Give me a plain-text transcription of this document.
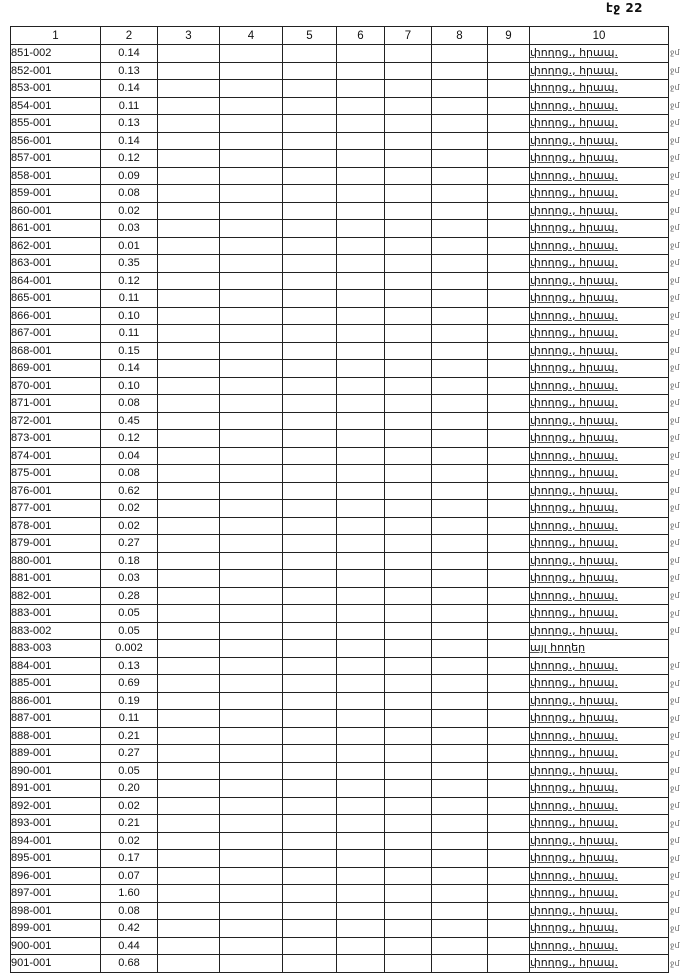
էջ 22
1	2	3	4	5	6	7	8	9	10
851-002	0.14								փողոց., հրապ.
852-001	0.13								փողոց., հրապ.
853-001	0.14								փողոց., հրապ.
854-001	0.11								փողոց., հրապ.
855-001	0.13								փողոց., հրապ.
856-001	0.14								փողոց., հրապ.
857-001	0.12								փողոց., հրապ.
858-001	0.09								փողոց., հրապ.
859-001	0.08								փողոց., հրապ.
860-001	0.02								փողոց., հրապ.
861-001	0.03								փողոց., հրապ.
862-001	0.01								փողոց., հրապ.
863-001	0.35								փողոց., հրապ.
864-001	0.12								փողոց., հրապ.
865-001	0.11								փողոց., հրապ.
866-001	0.10								փողոց., հրապ.
867-001	0.11								փողոց., հրապ.
868-001	0.15								փողոց., հրապ.
869-001	0.14								փողոց., հրապ.
870-001	0.10								փողոց., հրապ.
871-001	0.08								փողոց., հրապ.
872-001	0.45								փողոց., հրապ.
873-001	0.12								փողոց., հրապ.
874-001	0.04								փողոց., հրապ.
875-001	0.08								փողոց., հրապ.
876-001	0.62								փողոց., հրապ.
877-001	0.02								փողոց., հրապ.
878-001	0.02								փողոց., հրապ.
879-001	0.27								փողոց., հրապ.
880-001	0.18								փողոց., հրապ.
881-001	0.03								փողոց., հրապ.
882-001	0.28								փողոց., հրապ.
883-001	0.05								փողոց., հրապ.
883-002	0.05								փողոց., հրապ.
883-003	0.002								այլ հողեր
884-001	0.13								փողոց., հրապ.
885-001	0.69								փողոց., հրապ.
886-001	0.19								փողոց., հրապ.
887-001	0.11								փողոց., հրապ.
888-001	0.21								փողոց., հրապ.
889-001	0.27								փողոց., հրապ.
890-001	0.05								փողոց., հրապ.
891-001	0.20								փողոց., հրապ.
892-001	0.02								փողոց., հրապ.
893-001	0.21								փողոց., հրապ.
894-001	0.02								փողոց., հրապ.
895-001	0.17								փողոց., հրապ.
896-001	0.07								փողոց., հրապ.
897-001	1.60								փողոց., հրապ.
898-001	0.08								փողոց., հրապ.
899-001	0.42								փողոց., հրապ.
900-001	0.44								փողոց., հրապ.
901-001	0.68								փողոց., հրապ.
ջմ
ջմ
ջմ
ջմ
ջմ
ջմ
ջմ
ջմ
ջմ
ջմ
ջմ
ջմ
ջմ
ջմ
ջմ
ջմ
ջմ
ջմ
ջմ
ջմ
ջմ
ջմ
ջմ
ջմ
ջմ
ջմ
ջմ
ջմ
ջմ
ջմ
ջմ
ջմ
ջմ
ջմ
ջմ
ջմ
ջմ
ջմ
ջմ
ջմ
ջմ
ջմ
ջմ
ջմ
ջմ
ջմ
ջմ
ջմ
ջմ
ջմ
ջմ
ջմ
